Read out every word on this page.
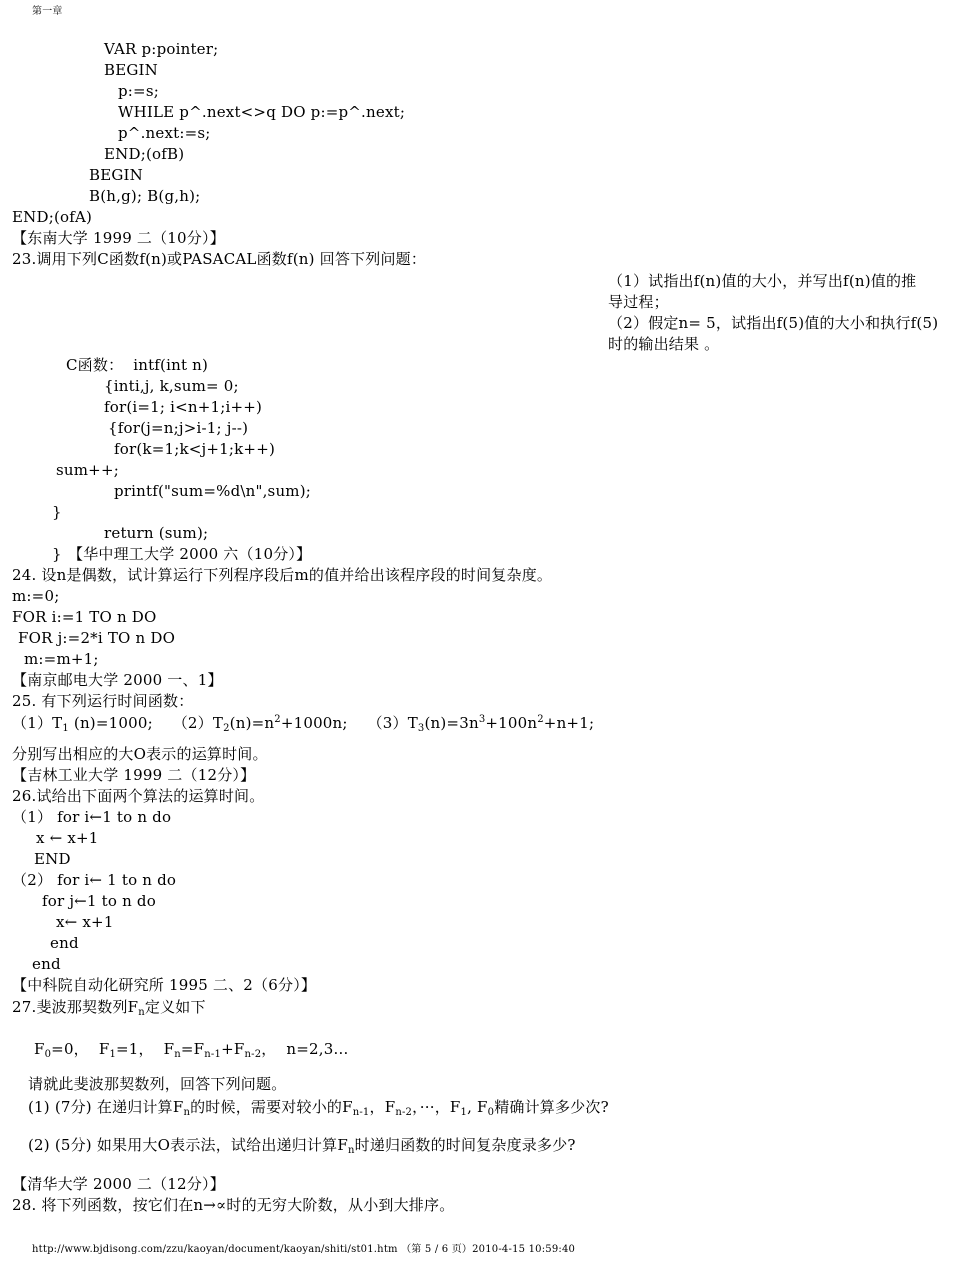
第一章
VAR p:pointer;
BEGIN
p:=s;
WHILE p^.next<>q DO p:=p^.next;
p^.next:=s;
END;(ofB)
BEGIN
B(h,g); B(g,h);
END;(ofA)
【东南大学 1999 二（10分）】
23.调用下列C函数f(n)或PASACAL函数f(n) 回答下列问题：
（1）试指出f(n)值的大小，并写出f(n)值的推
导过程；
（2）假定n= 5，试指出f(5)值的大小和执行f(5)
时的输出结果 。
C函数：  intf(int n)
{inti,j, k,sum= 0;
for(i=1; i<n+1;i++)
{for(j=n;j>i-1; j--)
for(k=1;k<j+1;k++)
sum++;
printf("sum=%d\n",sum);
}
return (sum);
} 【华中理工大学 2000 六（10分）】
24. 设n是偶数，试计算运行下列程序段后m的值并给出该程序段的时间复杂度。
m:=0;
FOR i:=1 TO n DO
FOR j:=2*i TO n DO
m:=m+1;
【南京邮电大学 2000 一、1】
25. 有下列运行时间函数：
$(1)T_1$ (n)=1000; $(2)T_2(n)=n^2+1000n$; $(3)T_3(n)=3n^3+100n^2+n+1$;
分别写出相应的大O表示的运算时间。
【吉林工业大学 1999 二（12分）】
26.试给出下面两个算法的运算时间。
（1） for i←1 to n do
x ← x+1
END
（2） for i← 1 to n do
for j←1 to n do
x← x+1
end
end
【中科院自动化研究所 1995 二、2（6分）】
27.斐波那契数列$F_n$定义如下
$F_0=0$，  $F_1=1$，  $F_n=F_{n-1}+F_{n-2}$，  n=2,3...
请就此斐波那契数列，回答下列问题。
(1) (7分) 在递归计算$F_n$的时候，需要对较小的$F_{n-1}$，$F_{n-2}$，···，$F_1$, $F_0$精确计算多少次?
(2) (5分) 如果用大O表示法，试给出递归计算$F_n$时递归函数的时间复杂度录多少?
【清华大学 2000 二（12分）】
28. 将下列函数，按它们在n→∝时的无穷大阶数，从小到大排序。
http://www.bjdisong.com/zzu/kaoyan/document/kaoyan/shiti/st01.htm （第 5 / 6 页）2010-4-15 10:59:40
